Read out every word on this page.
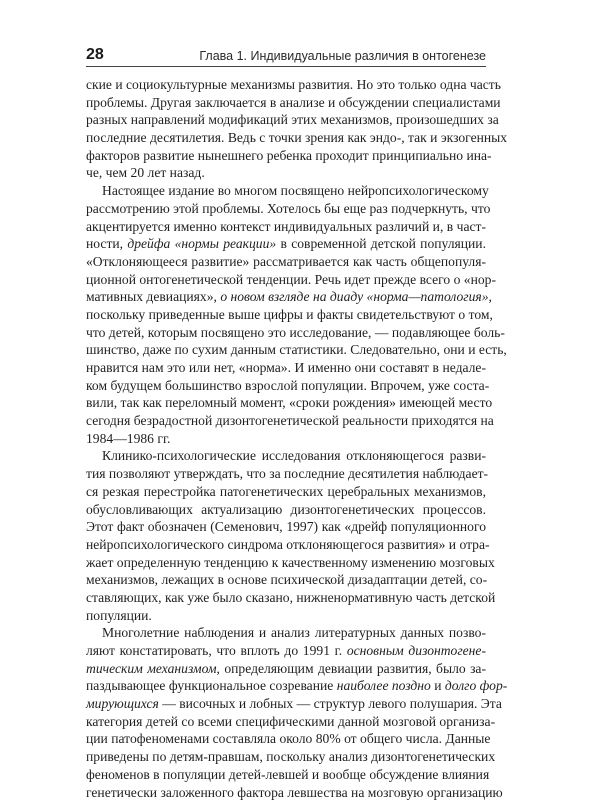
28	Глава 1. Индивидуальные различия в онтогенезе
ские и социокультурные механизмы развития. Но это только одна часть
проблемы. Другая заключается в анализе и обсуждении специалистами
разных направлений модификаций этих механизмов, произошедших за
последние десятилетия. Ведь с точки зрения как эндо-, так и экзогенных
факторов развитие нынешнего ребенка проходит принципиально ина-
че, чем 20 лет назад.
Настоящее издание во многом посвящено нейропсихологическому
рассмотрению этой проблемы. Хотелось бы еще раз подчеркнуть, что
акцентируется именно контекст индивидуальных различий и, в част-
ности, дрейфа «нормы реакции» в современной детской популяции.
«Отклоняющееся развитие» рассматривается как часть общепопуля-
ционной онтогенетической тенденции. Речь идет прежде всего о «нор-
мативных девиациях», о новом взгляде на диаду «норма—патология»,
поскольку приведенные выше цифры и факты свидетельствуют о том,
что детей, которым посвящено это исследование, — подавляющее боль-
шинство, даже по сухим данным статистики. Следовательно, они и есть,
нравится нам это или нет, «норма». И именно они составят в недале-
ком будущем большинство взрослой популяции. Впрочем, уже соста-
вили, так как переломный момент, «сроки рождения» имеющей место
сегодня безрадостной дизонтогенетической реальности приходятся на
1984—1986 гг.
Клинико-психологические исследования отклоняющегося разви-
тия позволяют утверждать, что за последние десятилетия наблюдает-
ся резкая перестройка патогенетических церебральных механизмов,
обусловливающих актуализацию дизонтогенетических процессов.
Этот факт обозначен (Семенович, 1997) как «дрейф популяционного
нейропсихологического синдрома отклоняющегося развития» и отра-
жает определенную тенденцию к качественному изменению мозговых
механизмов, лежащих в основе психической дизадаптации детей, со-
ставляющих, как уже было сказано, нижненормативную часть детской
популяции.
Многолетние наблюдения и анализ литературных данных позво-
ляют констатировать, что вплоть до 1991 г. основным дизонтогене-
тическим механизмом, определяющим девиации развития, было за-
паздывающее функциональное созревание наиболее поздно и долго фор-
мирующихся — височных и лобных — структур левого полушария. Эта
категория детей со всеми специфическими данной мозговой организа-
ции патофеноменами составляла около 80% от общего числа. Данные
приведены по детям-правшам, поскольку анализ дизонтогенетических
феноменов в популяции детей-левшей и вообще обсуждение влияния
генетически заложенного фактора левшества на мозговую организацию
